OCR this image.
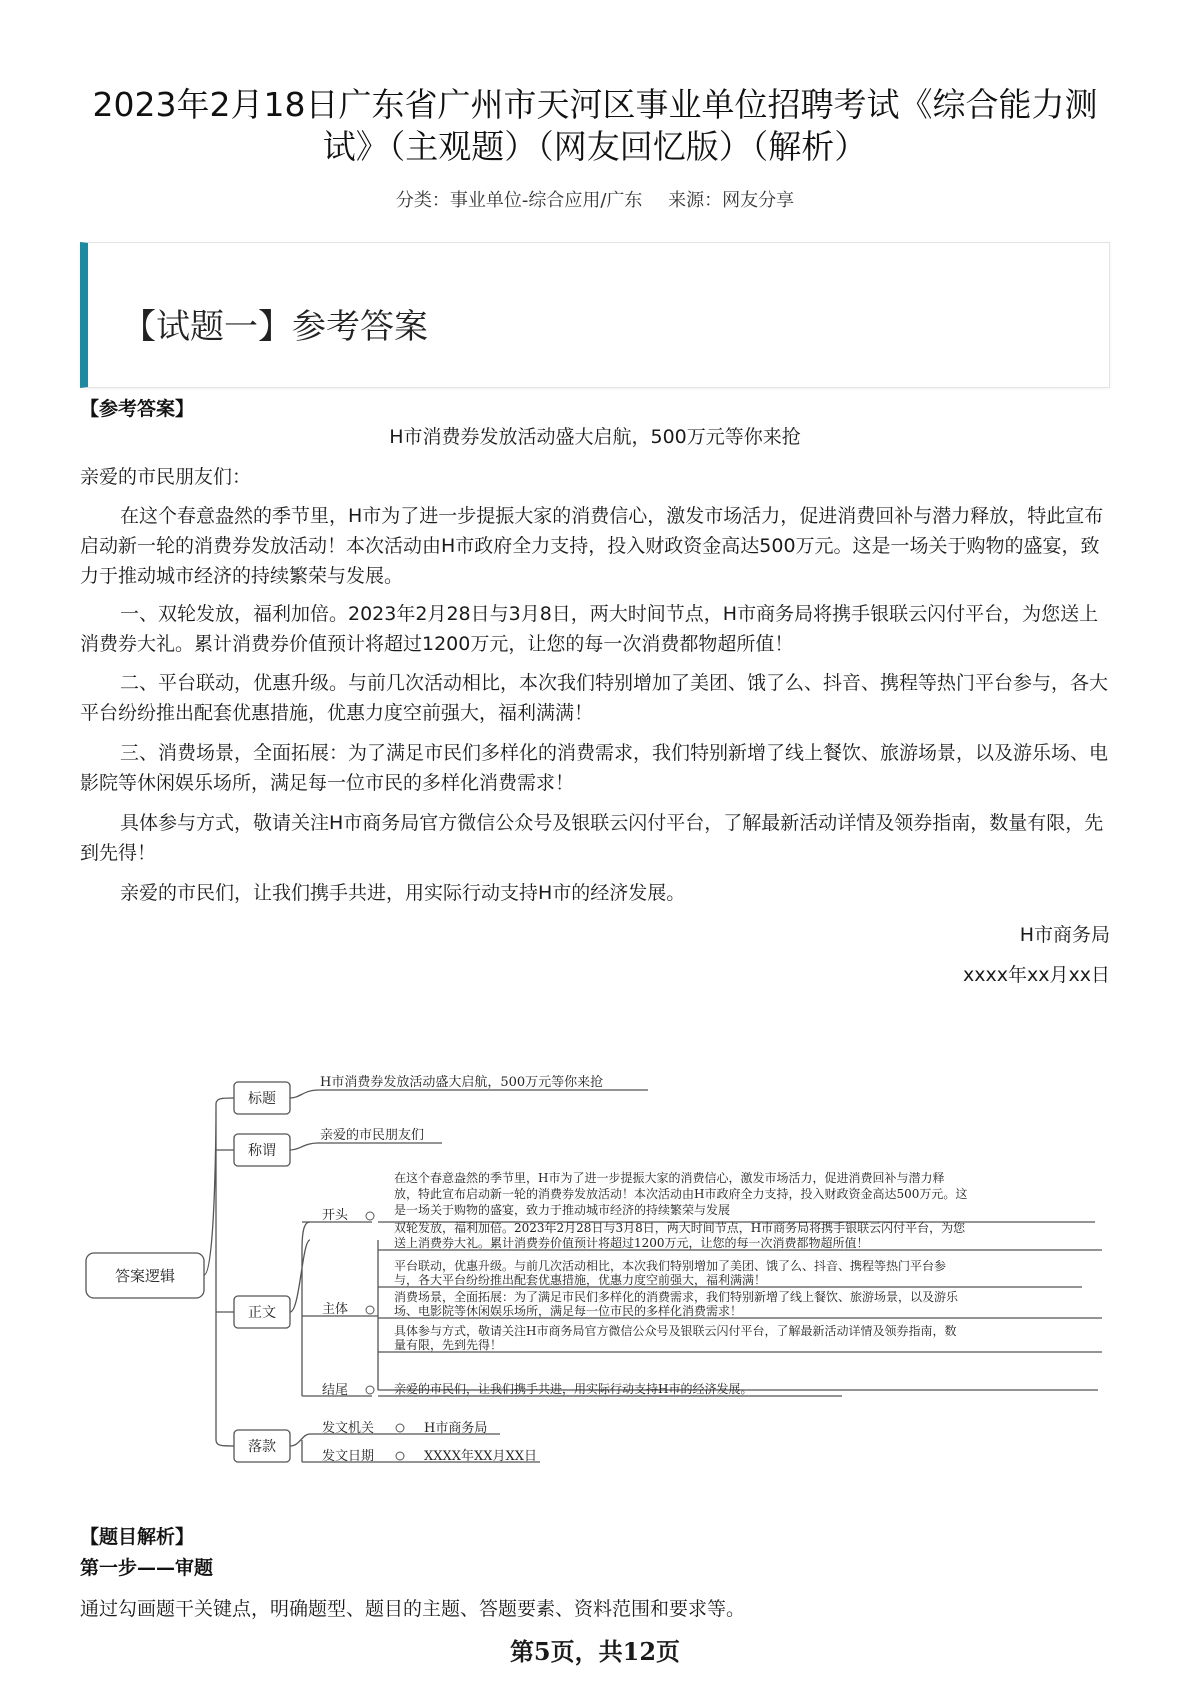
2023年2月18日广东省广州市天河区事业单位招聘考试《综合能力测试》（主观题）（网友回忆版）（解析）
分类：事业单位-综合应用/广东 来源：网友分享
【试题一】参考答案
【参考答案】
H市消费券发放活动盛大启航，500万元等你来抢
亲爱的市民朋友们：

在这个春意盎然的季节里，H市为了进一步提振大家的消费信心，激发市场活力，促进消费回补与潜力释放，特此宣布启动新一轮的消费券发放活动！本次活动由H市政府全力支持，投入财政资金高达500万元。这是一场关于购物的盛宴，致力于推动城市经济的持续繁荣与发展。

一、双轮发放，福利加倍。2023年2月28日与3月8日，两大时间节点，H市商务局将携手银联云闪付平台，为您送上消费券大礼。累计消费券价值预计将超过1200万元，让您的每一次消费都物超所值！

二、平台联动，优惠升级。与前几次活动相比，本次我们特别增加了美团、饿了么、抖音、携程等热门平台参与，各大平台纷纷推出配套优惠措施，优惠力度空前强大，福利满满！

三、消费场景，全面拓展：为了满足市民们多样化的消费需求，我们特别新增了线上餐饮、旅游场景，以及游乐场、电影院等休闲娱乐场所，满足每一位市民的多样化消费需求！

具体参与方式，敬请关注H市商务局官方微信公众号及银联云闪付平台，了解最新活动详情及领券指南，数量有限，先到先得！

亲爱的市民们，让我们携手共进，用实际行动支持H市的经济发展。

H市商务局
xxxx年xx月xx日
答案逻辑
标题
称谓
正文
落款
H市消费券发放活动盛大启航，500万元等你来抢
亲爱的市民朋友们
开头
在这个春意盎然的季节里，H市为了进一步提振大家的消费信心，激发市场活力，促进消费回补与潜力释
放，特此宣布启动新一轮的消费券发放活动！本次活动由H市政府全力支持，投入财政资金高达500万元。这
是一场关于购物的盛宴，致力于推动城市经济的持续繁荣与发展
主体
双轮发放，福利加倍。2023年2月28日与3月8日，两大时间节点，H市商务局将携手银联云闪付平台，为您
送上消费券大礼。累计消费券价值预计将超过1200万元，让您的每一次消费都物超所值！
平台联动，优惠升级。与前几次活动相比，本次我们特别增加了美团、饿了么、抖音、携程等热门平台参
与，各大平台纷纷推出配套优惠措施，优惠力度空前强大，福利满满！
消费场景，全面拓展：为了满足市民们多样化的消费需求，我们特别新增了线上餐饮、旅游场景，以及游乐
场、电影院等休闲娱乐场所，满足每一位市民的多样化消费需求！
具体参与方式，敬请关注H市商务局官方微信公众号及银联云闪付平台，了解最新活动详情及领券指南，数
量有限，先到先得！
结尾	亲爱的市民们，让我们携手共进，用实际行动支持H市的经济发展。
发文机关	H市商务局
发文日期	XXXX年XX月XX日
【题目解析】
第一步——审题

通过勾画题干关键点，明确题型、题目的主题、答题要素、资料范围和要求等。

第5页，共12页
